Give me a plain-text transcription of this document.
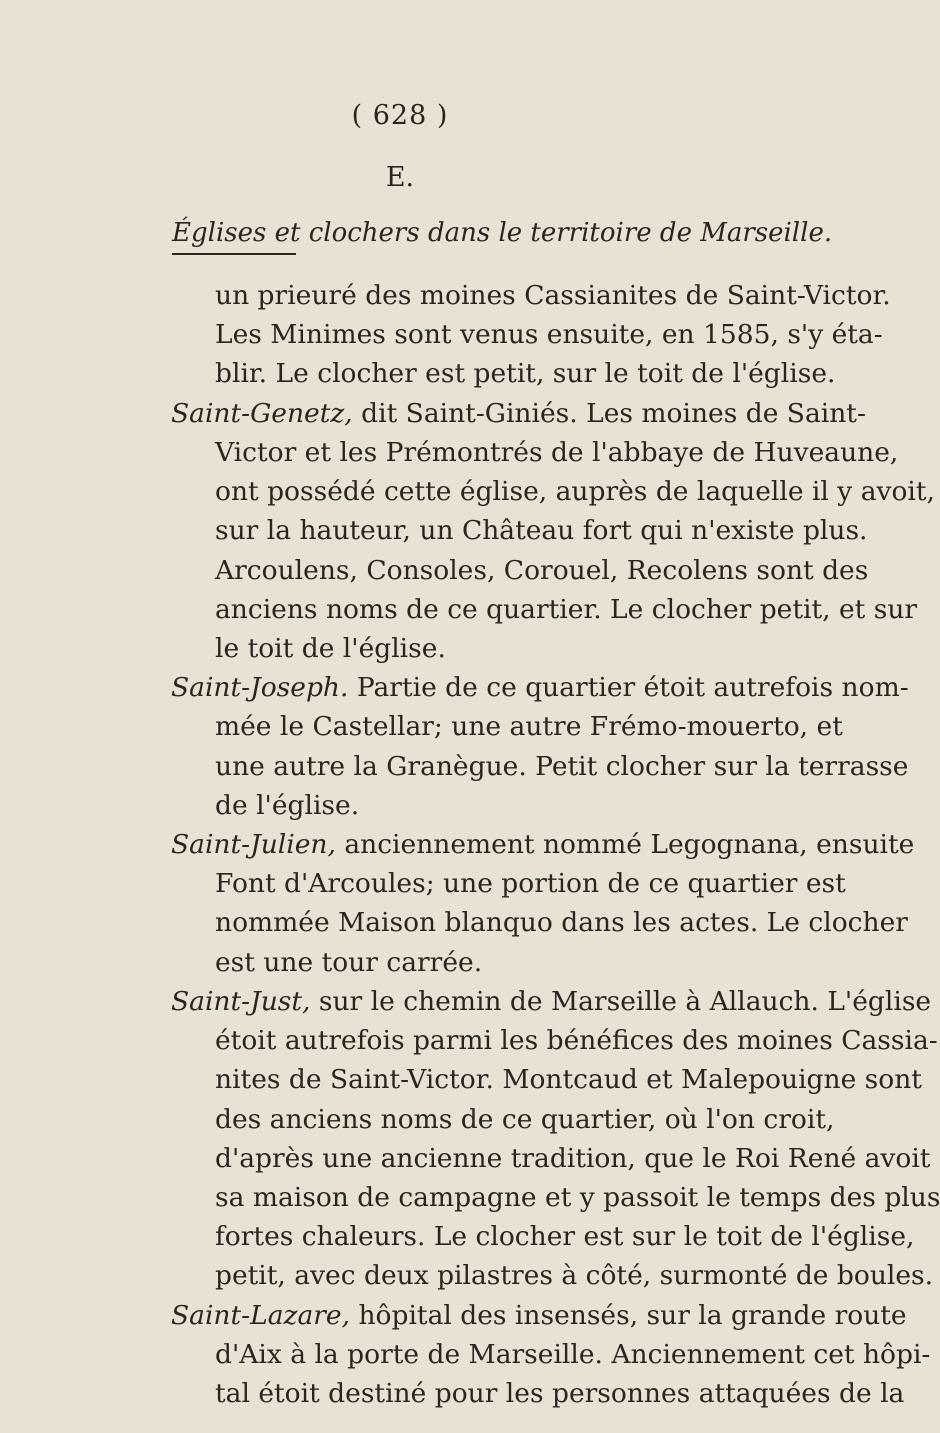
( 628 )
E.
Églises et clochers dans le territoire de Marseille.
un prieuré des moines Cassianites de Saint-Victor.
Les Minimes sont venus ensuite, en 1585, s'y éta-
blir. Le clocher est petit, sur le toit de l'église.
Saint-Genetz, dit Saint-Giniés. Les moines de Saint-
Victor et les Prémontrés de l'abbaye de Huveaune,
ont possédé cette église, auprès de laquelle il y avoit,
sur la hauteur, un Château fort qui n'existe plus.
Arcoulens, Consoles, Corouel, Recolens sont des
anciens noms de ce quartier. Le clocher petit, et sur
le toit de l'église.
Saint-Joseph. Partie de ce quartier étoit autrefois nom-
mée le Castellar; une autre Frémo-mouerto, et
une autre la Granègue. Petit clocher sur la terrasse
de l'église.
Saint-Julien, anciennement nommé Legognana, ensuite
Font d'Arcoules; une portion de ce quartier est
nommée Maison blanquo dans les actes. Le clocher
est une tour carrée.
Saint-Just, sur le chemin de Marseille à Allauch. L'église
étoit autrefois parmi les bénéfices des moines Cassia-
nites de Saint-Victor. Montcaud et Malepouigne sont
des anciens noms de ce quartier, où l'on croit,
d'après une ancienne tradition, que le Roi René avoit
sa maison de campagne et y passoit le temps des plus
fortes chaleurs. Le clocher est sur le toit de l'église,
petit, avec deux pilastres à côté, surmonté de boules.
Saint-Lazare, hôpital des insensés, sur la grande route
d'Aix à la porte de Marseille. Anciennement cet hôpi-
tal étoit destiné pour les personnes attaquées de la
